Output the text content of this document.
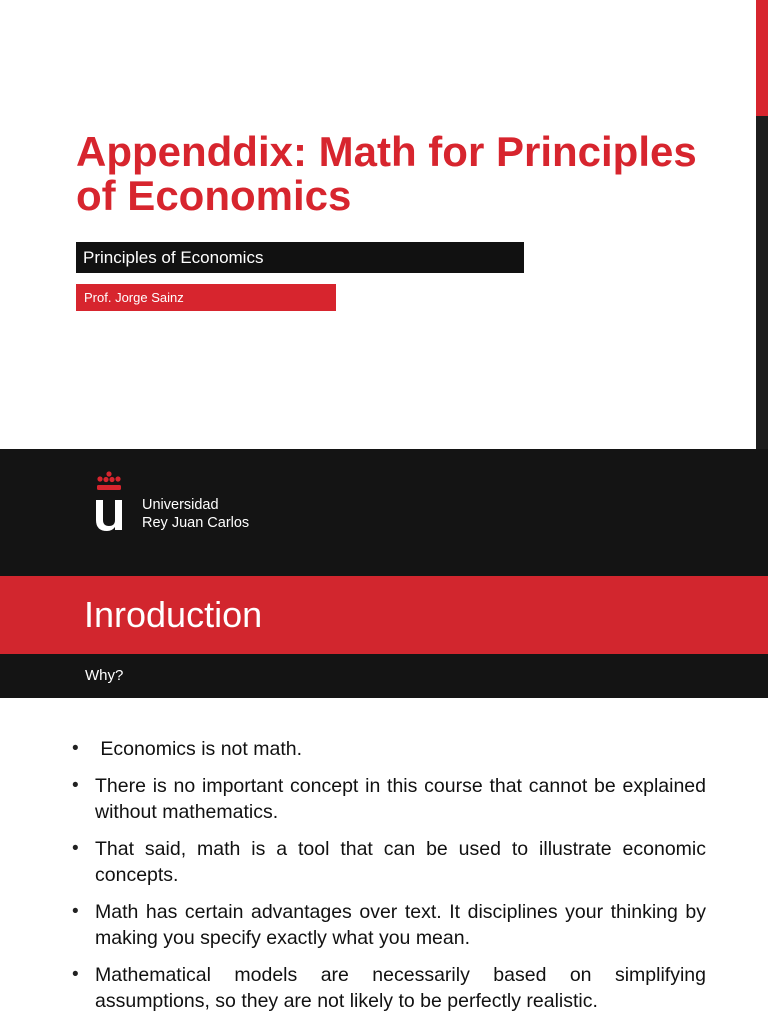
Appenddix: Math for Principles of Economics
Principles of Economics
Prof. Jorge Sainz
Universidad
Rey Juan Carlos
Inroduction
Why?
• Economics is not math.
• There is no important concept in this course that cannot be explained without mathematics.
• That said, math is a tool that can be used to illustrate economic concepts.
• Math has certain advantages over text. It disciplines your thinking by making you specify exactly what you mean.
• Mathematical models are necessarily based on simplifying assumptions, so they are not likely to be perfectly realistic.
